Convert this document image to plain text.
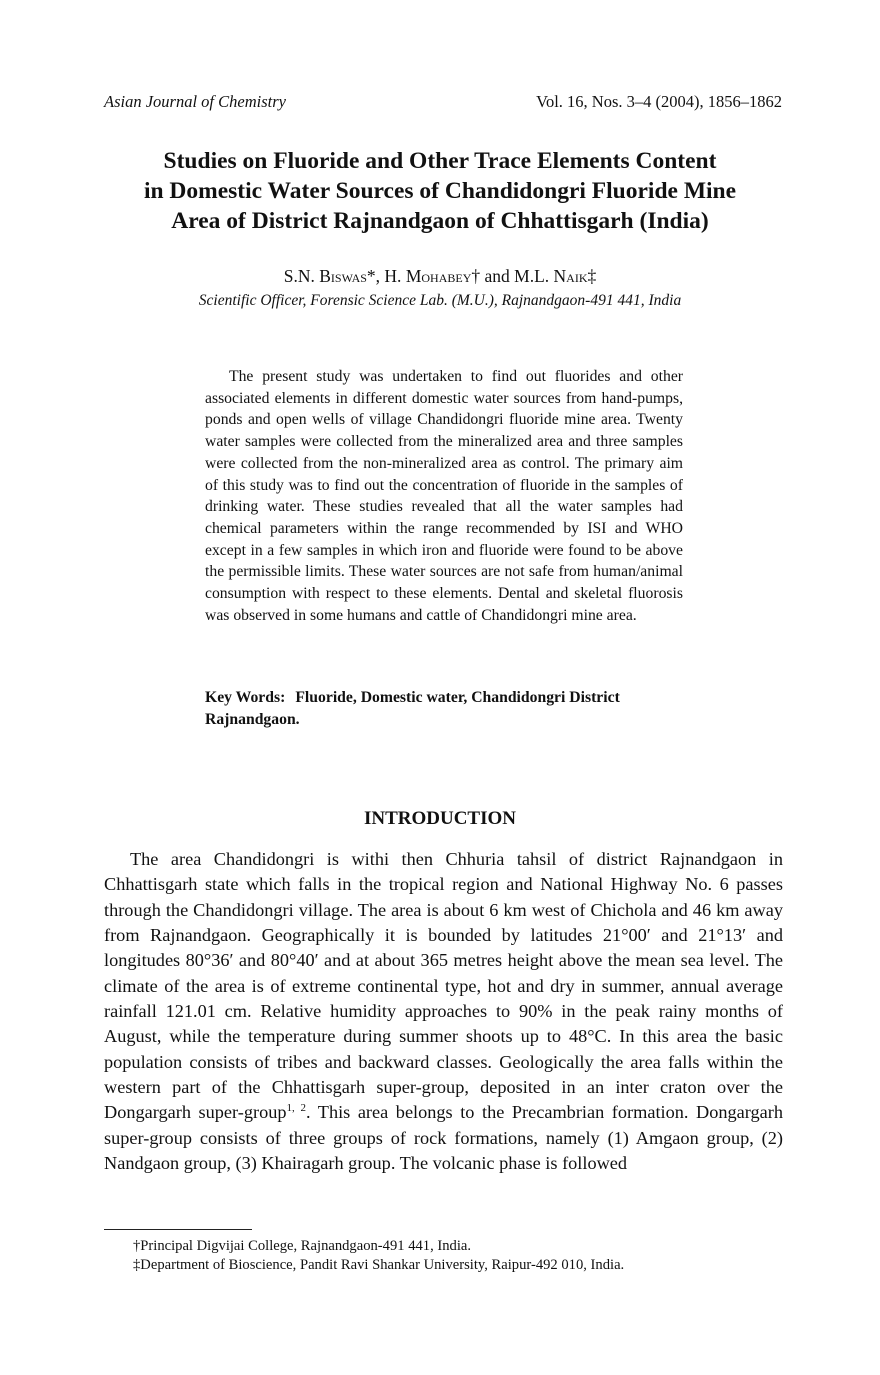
Asian Journal of Chemistry	Vol. 16, Nos. 3–4 (2004), 1856–1862
Studies on Fluoride and Other Trace Elements Content
in Domestic Water Sources of Chandidongri Fluoride Mine
Area of District Rajnandgaon of Chhattisgarh (India)
S.N. Biswas*, H. Mohabey† and M.L. Naik‡
Scientific Officer, Forensic Science Lab. (M.U.), Rajnandgaon-491 441, India

The present study was undertaken to find out fluorides and other associated elements in different domestic water sources from hand-pumps, ponds and open wells of village Chandidongri fluoride mine area. Twenty water samples were collected from the mineralized area and three samples were collected from the non-mineralized area as control. The primary aim of this study was to find out the concentration of fluoride in the samples of drinking water. These studies revealed that all the water samples had chemical parameters within the range recommended by ISI and WHO except in a few samples in which iron and fluoride were found to be above the permissible limits. These water sources are not safe from human/animal consumption with respect to these elements. Dental and skeletal fluorosis was observed in some humans and cattle of Chandidongri mine area.

Key Words: Fluoride, Domestic water, Chandidongri District Rajnandgaon.

INTRODUCTION

The area Chandidongri is withi then Chhuria tahsil of district Rajnandgaon in Chhattisgarh state which falls in the tropical region and National Highway No. 6 passes through the Chandidongri village. The area is about 6 km west of Chichola and 46 km away from Rajnandgaon. Geographically it is bounded by latitudes 21°00′ and 21°13′ and longitudes 80°36′ and 80°40′ and at about 365 metres height above the mean sea level. The climate of the area is of extreme continental type, hot and dry in summer, annual average rainfall 121.01 cm. Relative humidity approaches to 90% in the peak rainy months of August, while the temperature during summer shoots up to 48°C. In this area the basic population consists of tribes and backward classes. Geologically the area falls within the western part of the Chhattisgarh super-group, deposited in an inter craton over the Dongargarh super-group$^{1, 2}$. This area belongs to the Precambrian formation. Dongargarh super-group consists of three groups of rock formations, namely (1) Amgaon group, (2) Nandgaon group, (3) Khairagarh group. The volcanic phase is followed

†Principal Digvijai College, Rajnandgaon-491 441, India.
‡Department of Bioscience, Pandit Ravi Shankar University, Raipur-492 010, India.
